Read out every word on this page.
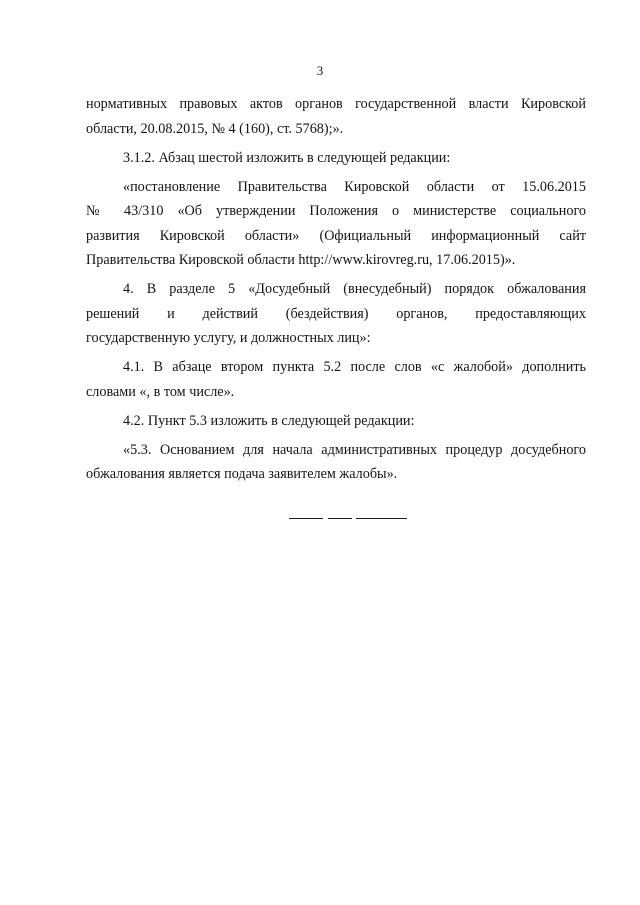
3
нормативных правовых актов органов государственной власти Кировской
области, 20.08.2015, № 4 (160), ст. 5768);».
3.1.2. Абзац шестой изложить в следующей редакции:
«постановление Правительства Кировской области от 15.06.2015
№ 43/310 «Об утверждении Положения о министерстве социального
развития Кировской области» (Официальный информационный сайт
Правительства Кировской области http://www.kirovreg.ru, 17.06.2015)».
4. В разделе 5 «Досудебный (внесудебный) порядок обжалования
решений и действий (бездействия) органов, предоставляющих
государственную услугу, и должностных лиц»:
4.1. В абзаце втором пункта 5.2 после слов «с жалобой» дополнить
словами «, в том числе».
4.2. Пункт 5.3 изложить в следующей редакции:
«5.3. Основанием для начала административных процедур досудебного
обжалования является подача заявителем жалобы».
